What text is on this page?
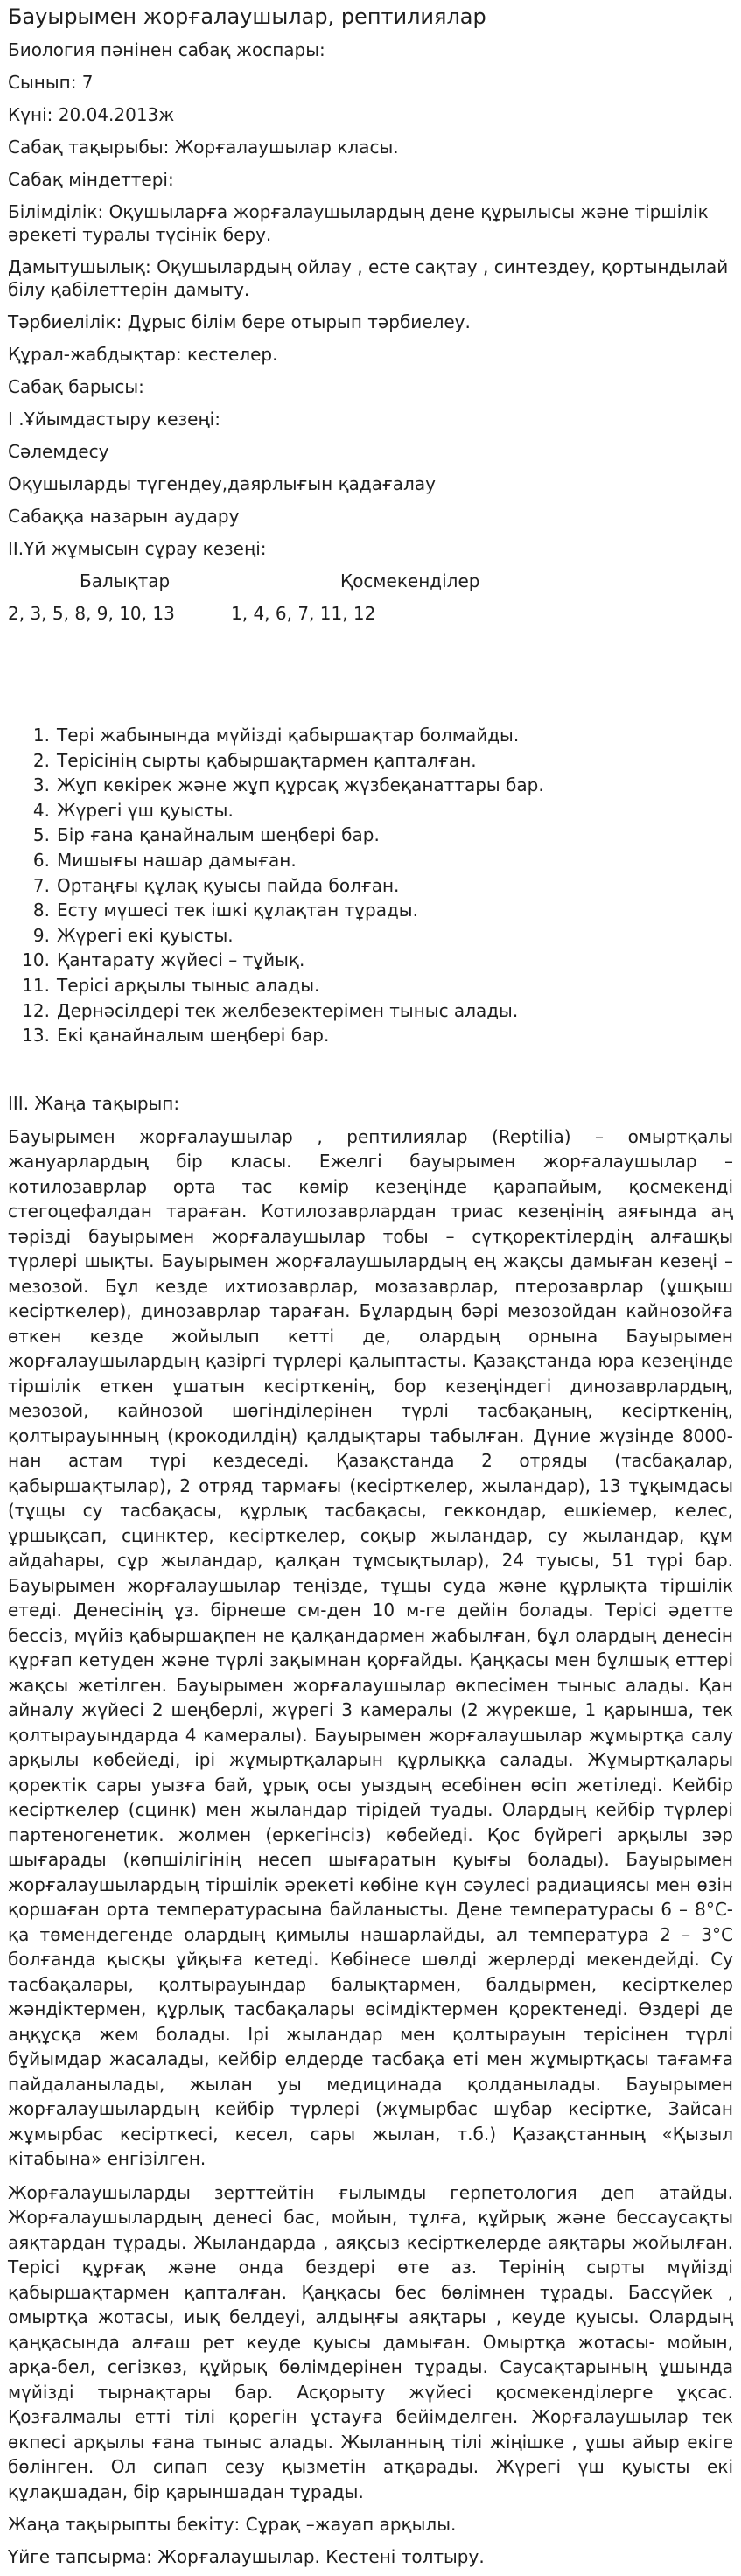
Бауырымен жорғалаушылар, рептилиялар
Биология пәнінен сабақ жоспары:
Сынып: 7
Күні: 20.04.2013ж
Сабақ тақырыбы: Жорғалаушылар класы.
Сабақ міндеттері:
Білімділік: Оқушыларға жорғалаушылардың дене құрылысы және тіршілік әрекеті туралы түсінік беру.
Дамытушылық: Оқушылардың ойлау , есте сақтау , синтездеу, қортындылай білу қабілеттерін дамыту.
Тәрбиелілік: Дұрыс білім бере отырып тәрбиелеу.
Құрал-жабдықтар: кестелер.
Сабақ барысы:
І .Ұйымдастыру кезеңі:
Сәлемдесу
Оқушыларды түгендеу,даярлығын қадағалау
Сабаққа назарын аудару
ІІ.Үй жұмысын сұрау кезеңі:
Балықтар	Қосмекенділер
2, 3, 5, 8, 9, 10, 13	1, 4, 6, 7, 11, 12
1. Тері жабынында мүйізді қабыршақтар болмайды.
2. Терісінің сырты қабыршақтармен қапталған.
3. Жұп көкірек және жұп құрсақ жүзбеқанаттары бар.
4. Жүрегі үш қуысты.
5. Бір ғана қанайналым шеңбері бар.
6. Мишығы нашар дамыған.
7. Ортаңғы құлақ қуысы пайда болған.
8. Есту мүшесі тек ішкі құлақтан тұрады.
9. Жүрегі екі қуысты.
10. Қантарату жүйесі – тұйық.
11. Терісі арқылы тыныс алады.
12. Дернәсілдері тек желбезектерімен тыныс алады.
13. Екі қанайналым шеңбері бар.
ІІІ. Жаңа тақырып:

Бауырымен жорғалаушылар , рептилиялар (Reptilia) – омыртқалы жануарлардың бір класы. Ежелгі бауырымен жорғалаушылар – котилозаврлар орта тас көмір кезеңінде қарапайым, қосмекенді стегоцефалдан тараған. Котилозаврлардан триас кезеңінің аяғында аң тәрізді бауырымен жорғалаушылар тобы – сүтқоректілердің алғашқы түрлері шықты. Бауырымен жорғалаушылардың ең жақсы дамыған кезеңі – мезозой. Бұл кезде ихтиозаврлар, мозазаврлар, птерозаврлар (ұшқыш кесірткелер), динозаврлар тараған. Бұлардың бәрі мезозойдан кайнозойға өткен кезде жойылып кетті де, олардың орнына Бауырымен жорғалаушылардың қазіргі түрлері қалыптасты. Қазақстанда юра кезеңінде тіршілік еткен ұшатын кесірткенің, бор кезеңіндегі динозаврлардың, мезозой, кайнозой шөгінділерінен түрлі тасбақаның, кесірткенің, қолтырауынның (крокодилдің) қалдықтары табылған. Дүние жүзінде 8000-нан астам түрі кездеседі. Қазақстанда 2 отряды (тасбақалар, қабыршақтылар), 2 отряд тармағы (кесірткелер, жыландар), 13 тұқымдасы (тұщы су тасбақасы, құрлық тасбақасы, геккондар, ешкіемер, келес, ұршықсап, сцинктер, кесірткелер, соқыр жыландар, су жыландар, құм айдаһары, сұр жыландар, қалқан тұмсықтылар), 24 туысы, 51 түрі бар. Бауырымен жорғалаушылар теңізде, тұщы суда және құрлықта тіршілік етеді. Денесінің ұз. бірнеше см-ден 10 м-ге дейін болады. Терісі әдетте бессіз, мүйіз қабыршақпен не қалқандармен жабылған, бұл олардың денесін құрғап кетуден және түрлі зақымнан қорғайды. Қаңқасы мен бұлшық еттері жақсы жетілген. Бауырымен жорғалаушылар өкпесімен тыныс алады. Қан айналу жүйесі 2 шеңберлі, жүрегі 3 камералы (2 жүрекше, 1 қарынша, тек қолтырауындарда 4 камералы). Бауырымен жорғалаушылар жұмыртқа салу арқылы көбейеді, ірі жұмыртқаларын құрлыққа салады. Жұмыртқалары қоректік сары уызға бай, ұрық осы уыздың есебінен өсіп жетіледі. Кейбір кесірткелер (сцинк) мен жыландар тірідей туады. Олардың кейбір түрлері партеногенетик. жолмен (еркегінсіз) көбейеді. Қос бүйрегі арқылы зәр шығарады (көпшілігінің несеп шығаратын қуығы болады). Бауырымен жорғалаушылардың тіршілік әрекеті көбіне күн сәулесі радиациясы мен өзін қоршаған орта температурасына байланысты. Дене температурасы 6 – 8°С-қа төмендегенде олардың қимылы нашарлайды, ал температура 2 – 3°С болғанда қысқы ұйқыға кетеді. Көбінесе шөлді жерлерді мекендейді. Су тасбақалары, қолтырауындар балықтармен, балдырмен, кесірткелер жәндіктермен, құрлық тасбақалары өсімдіктермен қоректенеді. Өздері де аңқұсқа жем болады. Ірі жыландар мен қолтырауын терісінен түрлі бұйымдар жасалады, кейбір елдерде тасбақа еті мен жұмыртқасы тағамға пайдаланылады, жылан уы медицинада қолданылады. Бауырымен жорғалаушылардың кейбір түрлері (жұмырбас шұбар кесіртке, Зайсан жұмырбас кесірткесі, кесел, сары жылан, т.б.) Қазақстанның «Қызыл кітабына» енгізілген.

Жорғалаушыларды зерттейтін ғылымды герпетология деп атайды. Жорғалаушылардың денесі бас, мойын, тұлға, құйрық және бессаусақты аяқтардан тұрады. Жыландарда , аяқсыз кесірткелерде аяқтары жойылған. Терісі құрғақ және онда бездері өте аз. Терінің сырты мүйізді қабыршақтармен қапталған. Қаңқасы бес бөлімнен тұрады. Бассүйек , омыртқа жотасы, иық белдеуі, алдыңғы аяқтары , кеуде қуысы. Олардың қаңқасында алғаш рет кеуде қуысы дамыған. Омыртқа жотасы- мойын, арқа-бел, сегізкөз, құйрық бөлімдерінен тұрады. Саусақтарының ұшында мүйізді тырнақтары бар. Асқорыту жүйесі қосмекенділерге ұқсас. Қозғалмалы етті тілі қорегін ұстауға бейімделген. Жорғалаушылар тек өкпесі арқылы ғана тыныс алады. Жыланның тілі жіңішке , ұшы айыр екіге бөлінген. Ол сипап сезу қызметін атқарады. Жүрегі үш қуысты екі құлақшадан, бір қарыншадан тұрады.

Жаңа тақырыпты бекіту: Сұрақ –жауап арқылы.
Үйге тапсырма: Жорғалаушылар. Кестені толтыру.
